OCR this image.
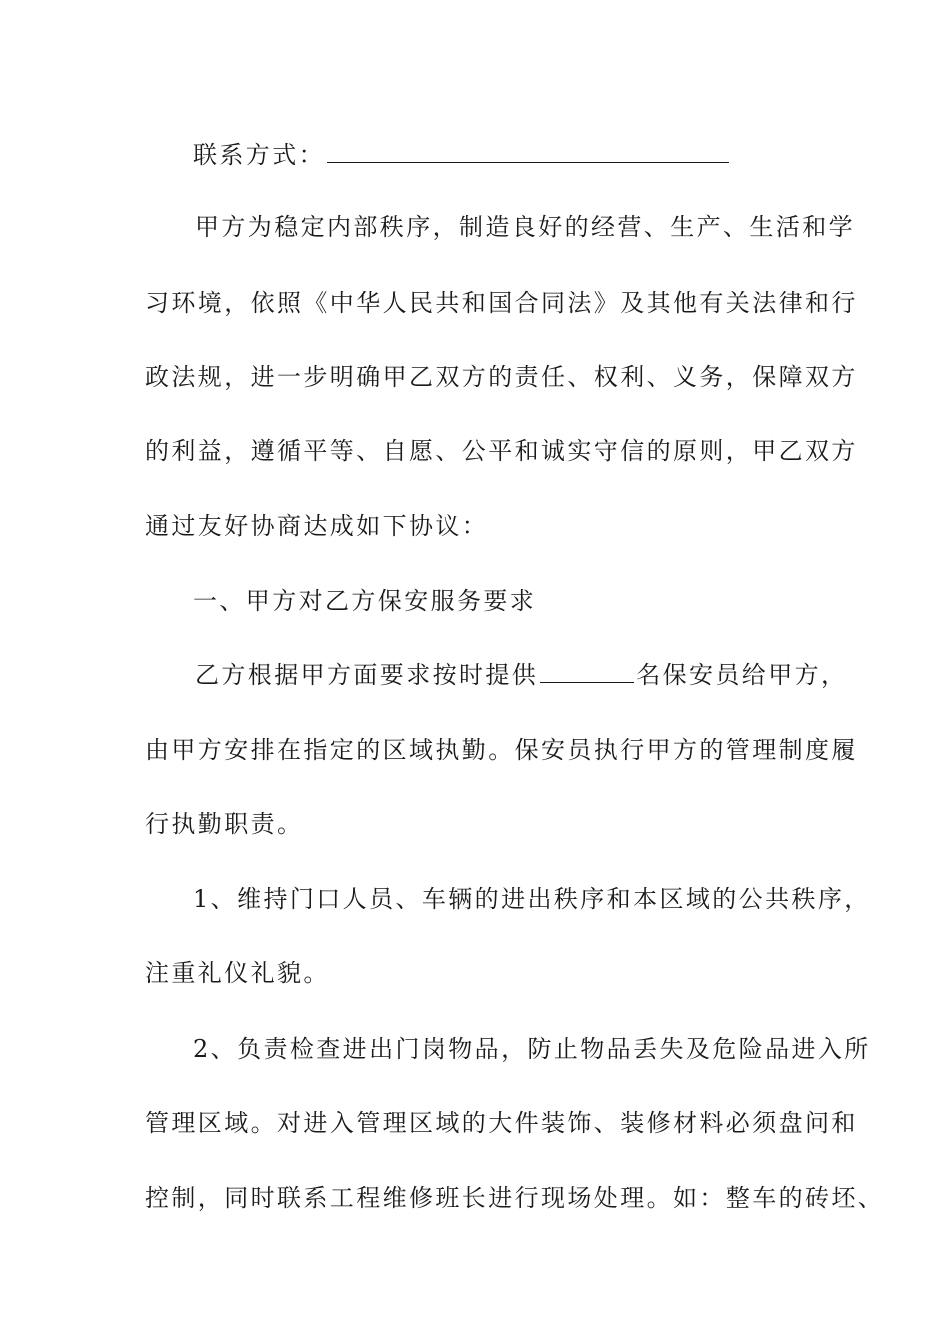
联系方式：
甲方为稳定内部秩序，制造良好的经营、生产、生活和学
习环境，依照《中华人民共和国合同法》及其他有关法律和行
政法规，进一步明确甲乙双方的责任、权利、义务，保障双方
的利益，遵循平等、自愿、公平和诚实守信的原则，甲乙双方
通过友好协商达成如下协议：
一、甲方对乙方保安服务要求
乙方根据甲方面要求按时提供	名保安员给甲方，
由甲方安排在指定的区域执勤。保安员执行甲方的管理制度履
行执勤职责。
1、维持门口人员、车辆的进出秩序和本区域的公共秩序，
注重礼仪礼貌。
2、负责检查进出门岗物品，防止物品丢失及危险品进入所
管理区域。对进入管理区域的大件装饰、装修材料必须盘问和
控制，同时联系工程维修班长进行现场处理。如：整车的砖坯、
